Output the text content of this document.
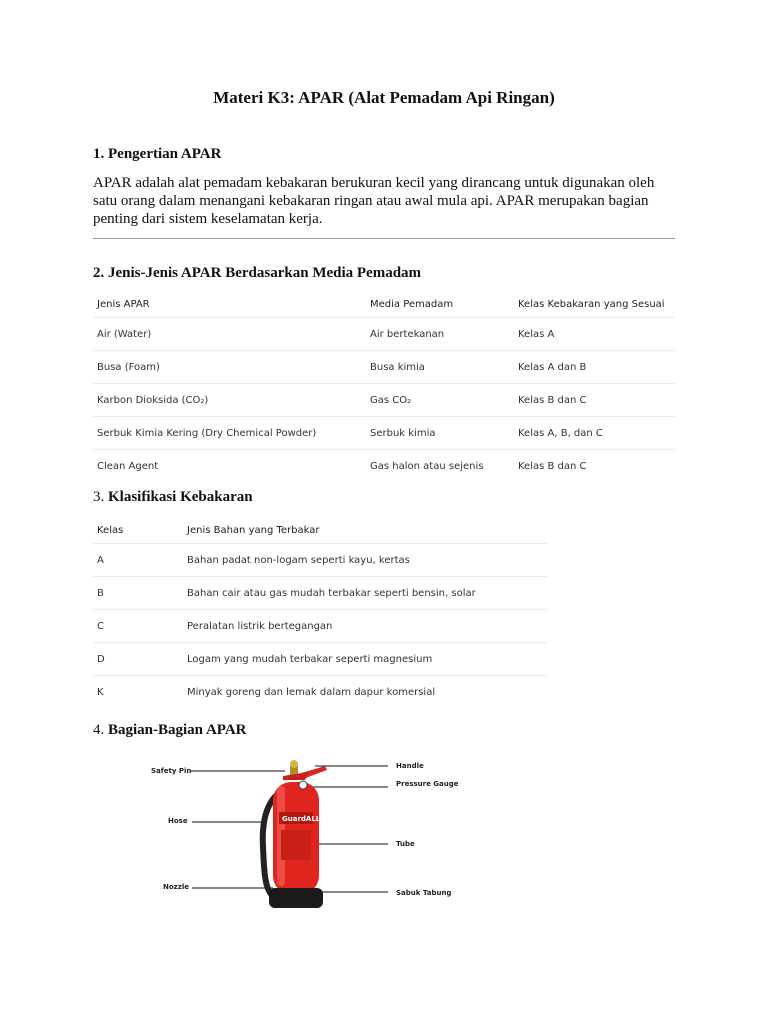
Materi K3: APAR (Alat Pemadam Api Ringan)
1. Pengertian APAR
APAR adalah alat pemadam kebakaran berukuran kecil yang dirancang untuk digunakan oleh satu orang dalam menangani kebakaran ringan atau awal mula api. APAR merupakan bagian penting dari sistem keselamatan kerja.
2. Jenis-Jenis APAR Berdasarkan Media Pemadam
Jenis APAR	Media Pemadam	Kelas Kebakaran yang Sesuai
Air (Water)	Air bertekanan	Kelas A
Busa (Foam)	Busa kimia	Kelas A dan B
Karbon Dioksida (CO₂)	Gas CO₂	Kelas B dan C
Serbuk Kimia Kering (Dry Chemical Powder)	Serbuk kimia	Kelas A, B, dan C
Clean Agent	Gas halon atau sejenis	Kelas B dan C
3. Klasifikasi Kebakaran
Kelas	Jenis Bahan yang Terbakar
A	Bahan padat non-logam seperti kayu, kertas
B	Bahan cair atau gas mudah terbakar seperti bensin, solar
C	Peralatan listrik bertegangan
D	Logam yang mudah terbakar seperti magnesium
K	Minyak goreng dan lemak dalam dapur komersial
4. Bagian-Bagian APAR
GuardALL
Safety Pin
Hose
Nozzle
Handle
Pressure Gauge
Tube
Sabuk Tabung
